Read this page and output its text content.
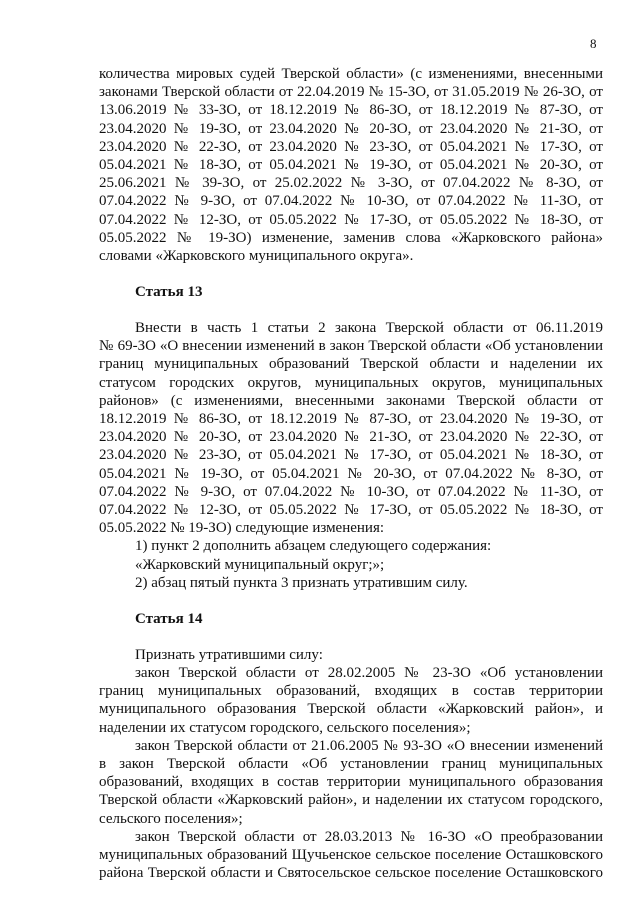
8
количества мировых судей Тверской области» (с изменениями, внесенными
законами Тверской области от 22.04.2019 № 15-ЗО, от 31.05.2019 № 26-ЗО, от
13.06.2019 № 33-ЗО, от 18.12.2019 № 86-ЗО, от 18.12.2019 № 87-ЗО, от
23.04.2020 № 19-ЗО, от 23.04.2020 № 20-ЗО, от 23.04.2020 № 21-ЗО, от
23.04.2020 № 22-ЗО, от 23.04.2020 № 23-ЗО, от 05.04.2021 № 17-ЗО, от
05.04.2021 № 18-ЗО, от 05.04.2021 № 19-ЗО, от 05.04.2021 № 20-ЗО, от
25.06.2021 № 39-ЗО, от 25.02.2022 № 3-ЗО, от 07.04.2022 № 8-ЗО, от
07.04.2022 № 9-ЗО, от 07.04.2022 № 10-ЗО, от 07.04.2022 № 11-ЗО, от
07.04.2022 № 12-ЗО, от 05.05.2022 № 17-ЗО, от 05.05.2022 № 18-ЗО, от
05.05.2022 № 19-ЗО) изменение, заменив слова «Жарковского района»
словами «Жарковского муниципального округа».
Статья 13
Внести в часть 1 статьи 2 закона Тверской области от 06.11.2019
№ 69-ЗО «О внесении изменений в закон Тверской области «Об установлении
границ муниципальных образований Тверской области и наделении их
статусом городских округов, муниципальных округов, муниципальных
районов» (с изменениями, внесенными законами Тверской области от
18.12.2019 № 86-ЗО, от 18.12.2019 № 87-ЗО, от 23.04.2020 № 19-ЗО, от
23.04.2020 № 20-ЗО, от 23.04.2020 № 21-ЗО, от 23.04.2020 № 22-ЗО, от
23.04.2020 № 23-ЗО, от 05.04.2021 № 17-ЗО, от 05.04.2021 № 18-ЗО, от
05.04.2021 № 19-ЗО, от 05.04.2021 № 20-ЗО, от 07.04.2022 № 8-ЗО, от
07.04.2022 № 9-ЗО, от 07.04.2022 № 10-ЗО, от 07.04.2022 № 11-ЗО, от
07.04.2022 № 12-ЗО, от 05.05.2022 № 17-ЗО, от 05.05.2022 № 18-ЗО, от
05.05.2022 № 19-ЗО) следующие изменения:
1) пункт 2 дополнить абзацем следующего содержания:
«Жарковский муниципальный округ;»;
2) абзац пятый пункта 3 признать утратившим силу.
Статья 14
Признать утратившими силу:
закон Тверской области от 28.02.2005 № 23-ЗО «Об установлении
границ муниципальных образований, входящих в состав территории
муниципального образования Тверской области «Жарковский район», и
наделении их статусом городского, сельского поселения»;
закон Тверской области от 21.06.2005 № 93-ЗО «О внесении изменений
в закон Тверской области «Об установлении границ муниципальных
образований, входящих в состав территории муниципального образования
Тверской области «Жарковский район», и наделении их статусом городского,
сельского поселения»;
закон Тверской области от 28.03.2013 № 16-ЗО «О преобразовании
муниципальных образований Щучьенское сельское поселение Осташковского
района Тверской области и Святосельское сельское поселение Осташковского
